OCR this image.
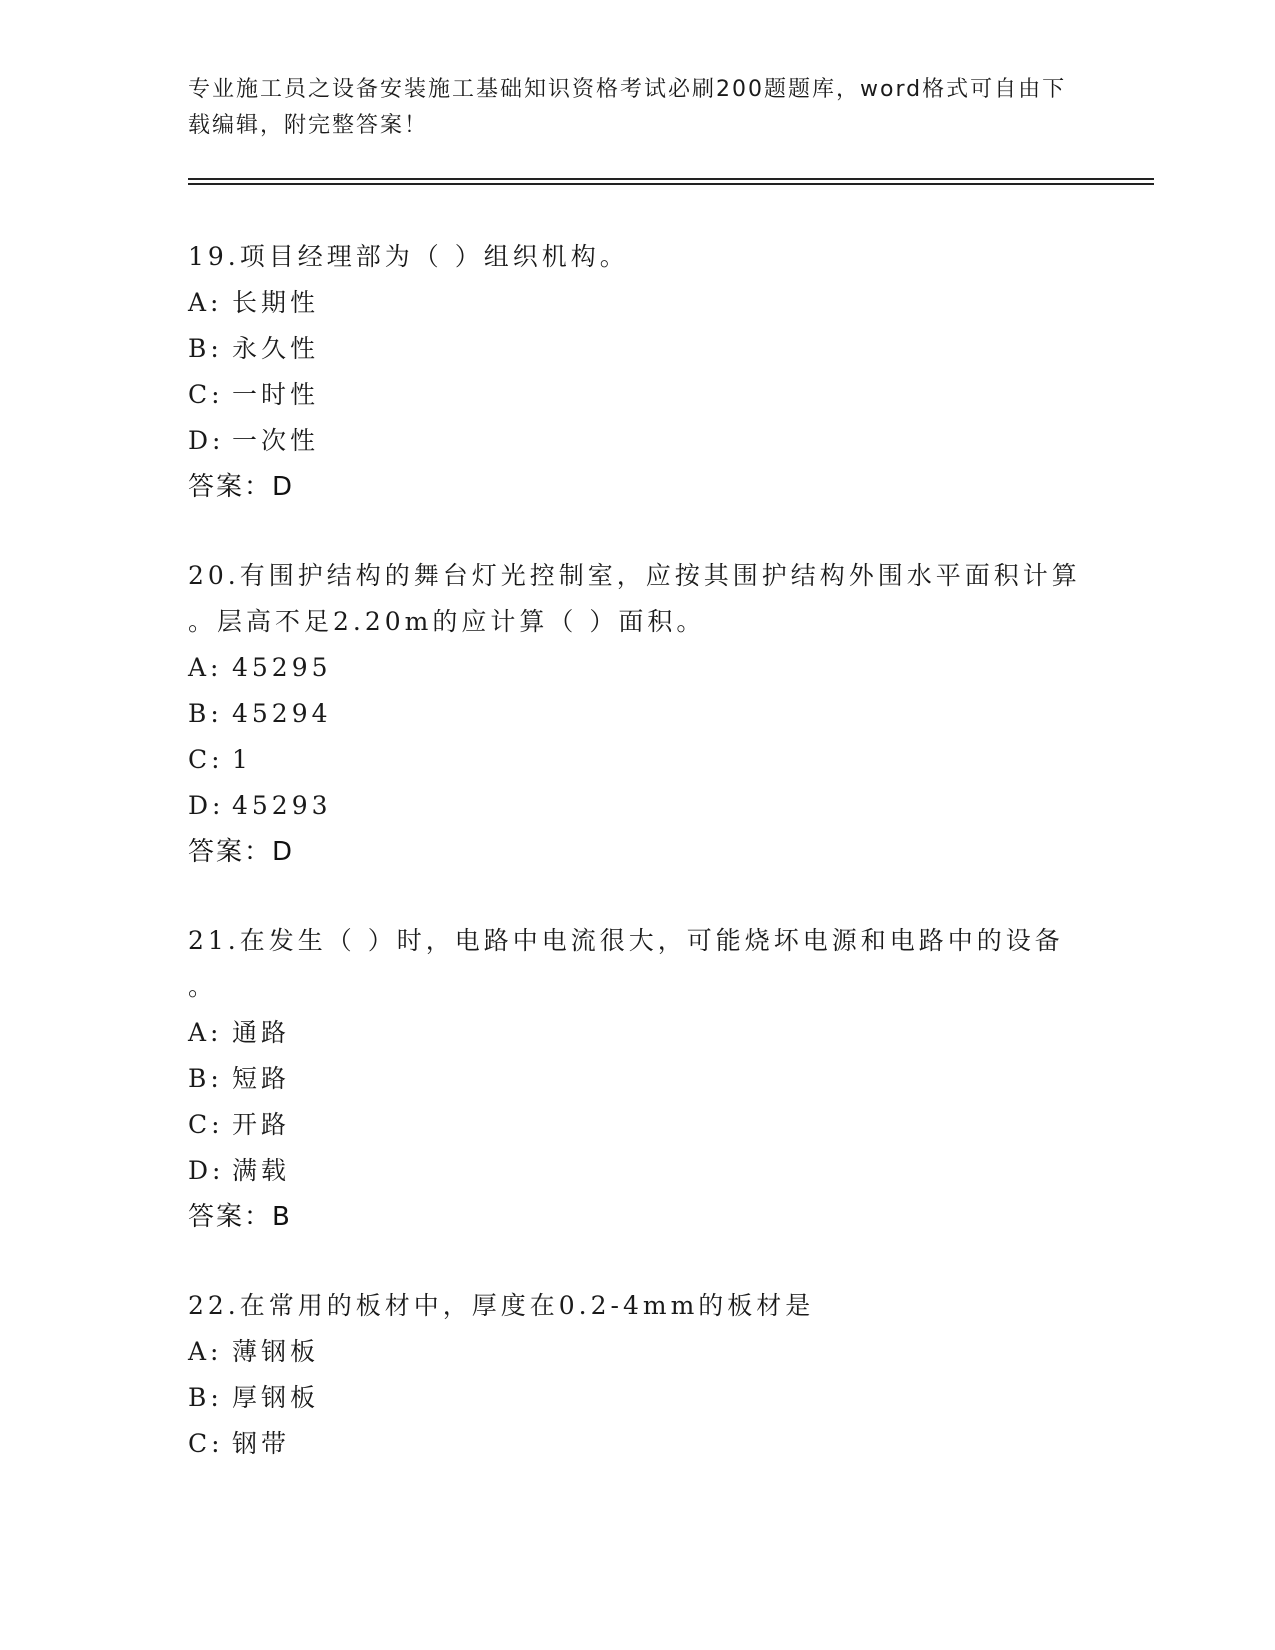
专业施工员之设备安装施工基础知识资格考试必刷200题题库，word格式可自由下载编辑，附完整答案！
19.项目经理部为（ ）组织机构。
A: 长期性
B: 永久性
C: 一时性
D: 一次性
答案：D
20.有围护结构的舞台灯光控制室，应按其围护结构外围水平面积计算
。层高不足2.20m的应计算（ ）面积。
A: 45295
B: 45294
C: 1
D: 45293
答案：D
21.在发生（ ）时，电路中电流很大，可能烧坏电源和电路中的设备
。
A: 通路
B: 短路
C: 开路
D: 满载
答案：B
22.在常用的板材中，厚度在0.2-4mm的板材是
A: 薄钢板
B: 厚钢板
C: 钢带
